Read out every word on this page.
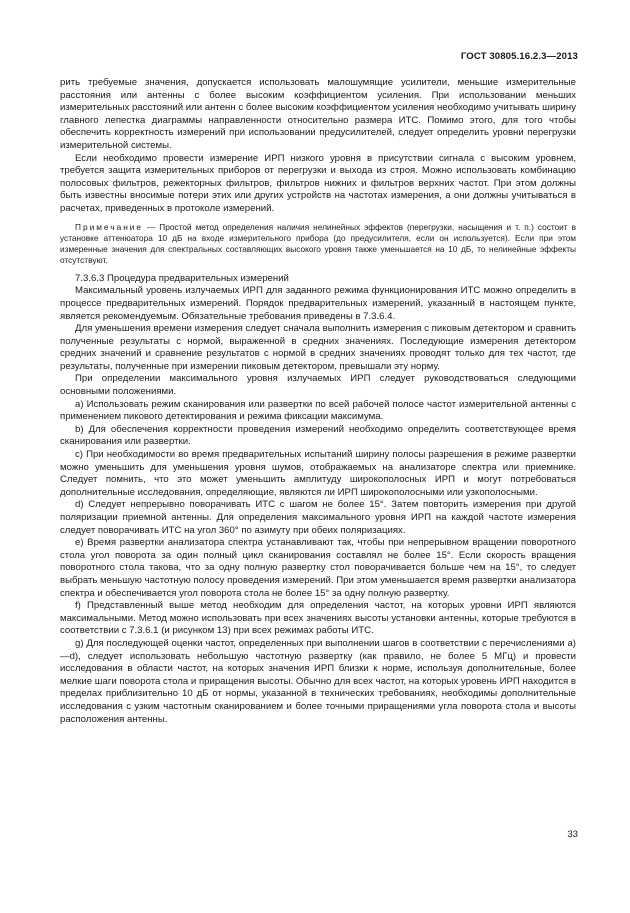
ГОСТ 30805.16.2.3—2013

рить требуемые значения, допускается использовать малошумящие усилители, меньшие измерительные расстояния или антенны с более высоким коэффициентом усиления. При использовании меньших измерительных расстояний или антенн с более высоким коэффициентом усиления необходимо учитывать ширину главного лепестка диаграммы направленности относительно размера ИТС. Помимо этого, для того чтобы обеспечить корректность измерений при использовании предусилителей, следует определить уровни перегрузки измерительной системы.

Если необходимо провести измерение ИРП низкого уровня в присутствии сигнала с высоким уровнем, требуется защита измерительных приборов от перегрузки и выхода из строя. Можно использовать комбинацию полосовых фильтров, режекторных фильтров, фильтров нижних и фильтров верхних частот. При этом должны быть известны вносимые потери этих или других устройств на частотах измерения, а они должны учитываться в расчетах, приведенных в протоколе измерений.

Примечание — Простой метод определения наличия нелинейных эффектов (перегрузки, насыщения и т. п.) состоит в установке аттенюатора 10 дБ на входе измерительного прибора (до предусилителя, если он используется). Если при этом измеренные значения для спектральных составляющих высокого уровня также уменьшается на 10 дБ, то нелинейные эффекты отсутствуют.

7.3.6.3 Процедура предварительных измерений

Максимальный уровень излучаемых ИРП для заданного режима функционирования ИТС можно определить в процессе предварительных измерений. Порядок предварительных измерений, указанный в настоящем пункте, является рекомендуемым. Обязательные требования приведены в 7.3.6.4.

Для уменьшения времени измерения следует сначала выполнить измерения с пиковым детектором и сравнить полученные результаты с нормой, выраженной в средних значениях. Последующие измерения детектором средних значений и сравнение результатов с нормой в средних значениях проводят только для тех частот, где результаты, полученные при измерении пиковым детектором, превышали эту норму.

При определении максимального уровня излучаемых ИРП следует руководствоваться следующими основными положениями.

a) Использовать режим сканирования или развертки по всей рабочей полосе частот измерительной антенны с применением пикового детектирования и режима фиксации максимума.

b) Для обеспечения корректности проведения измерений необходимо определить соответствующее время сканирования или развертки.

c) При необходимости во время предварительных испытаний ширину полосы разрешения в режиме развертки можно уменьшить для уменьшения уровня шумов, отображаемых на анализаторе спектра или приемнике. Следует помнить, что это может уменьшить амплитуду широкополосных ИРП и могут потребоваться дополнительные исследования, определяющие, являются ли ИРП широкополосными или узкополосными.

d) Следует непрерывно поворачивать ИТС с шагом не более 15°. Затем повторить измерения при другой поляризации приемной антенны. Для определения максимального уровня ИРП на каждой частоте измерения следует поворачивать ИТС на угол 360° по азимуту при обеих поляризациях.

e) Время развертки анализатора спектра устанавливают так, чтобы при непрерывном вращении поворотного стола угол поворота за один полный цикл сканирования составлял не более 15°. Если скорость вращения поворотного стола такова, что за одну полную развертку стол поворачивается больше чем на 15°, то следует выбрать меньшую частотную полосу проведения измерений. При этом уменьшается время развертки анализатора спектра и обеспечивается угол поворота стола не более 15° за одну полную развертку.

f) Представленный выше метод необходим для определения частот, на которых уровни ИРП являются максимальными. Метод можно использовать при всех значениях высоты установки антенны, которые требуются в соответствии с 7.3.6.1 (и рисунком 13) при всех режимах работы ИТС.

g) Для последующей оценки частот, определенных при выполнении шагов в соответствии с перечислениями a)—d), следует использовать небольшую частотную развертку (как правило, не более 5 МГц) и провести исследования в области частот, на которых значения ИРП близки к норме, используя дополнительные, более мелкие шаги поворота стола и приращения высоты. Обычно для всех частот, на которых уровень ИРП находится в пределах приблизительно 10 дБ от нормы, указанной в технических требованиях, необходимы дополнительные исследования с узким частотным сканированием и более точными приращениями угла поворота стола и высоты расположения антенны.

33
